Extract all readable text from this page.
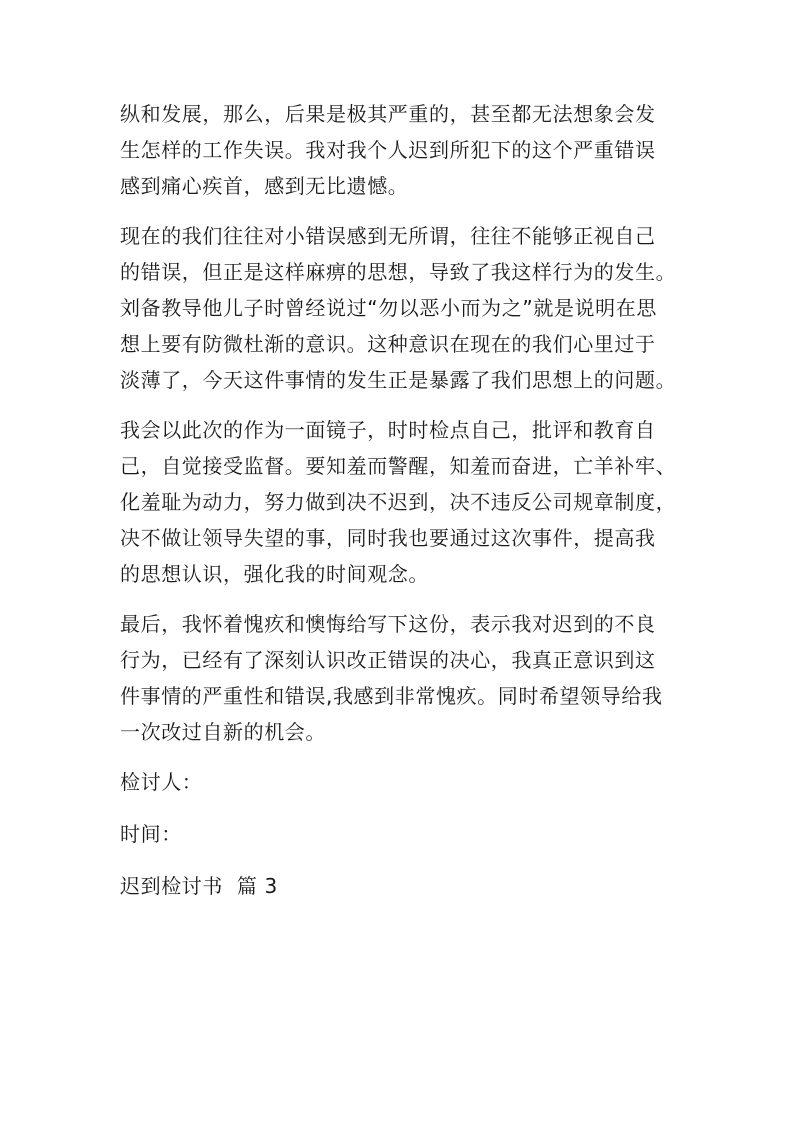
纵和发展，那么，后果是极其严重的，甚至都无法想象会发
生怎样的工作失误。我对我个人迟到所犯下的这个严重错误
感到痛心疾首，感到无比遗憾。
现在的我们往往对小错误感到无所谓，往往不能够正视自己
的错误，但正是这样麻痹的思想，导致了我这样行为的发生。
刘备教导他儿子时曾经说过“勿以恶小而为之”就是说明在思
想上要有防微杜渐的意识。这种意识在现在的我们心里过于
淡薄了，今天这件事情的发生正是暴露了我们思想上的问题。
我会以此次的作为一面镜子，时时检点自己，批评和教育自
己，自觉接受监督。要知羞而警醒，知羞而奋进，亡羊补牢、
化羞耻为动力，努力做到决不迟到，决不违反公司规章制度，
决不做让领导失望的事，同时我也要通过这次事件，提高我
的思想认识，强化我的时间观念。
最后，我怀着愧疚和懊悔给写下这份，表示我对迟到的不良
行为，已经有了深刻认识改正错误的决心，我真正意识到这
件事情的严重性和错误,我感到非常愧疚。同时希望领导给我
一次改过自新的机会。
检讨人：
时间：
迟到检讨书  篇 3
